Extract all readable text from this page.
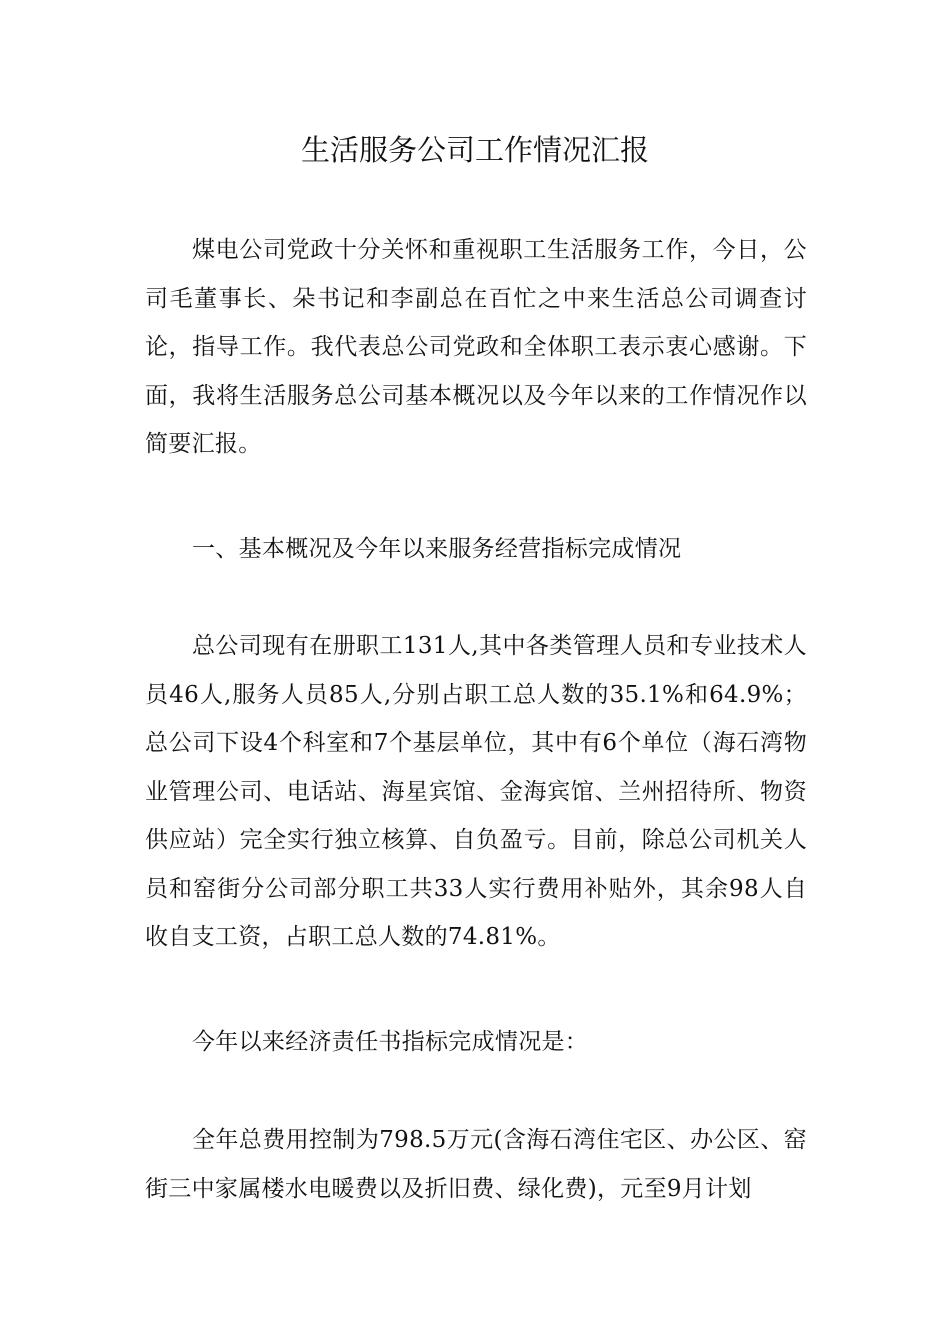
生活服务公司工作情况汇报

煤电公司党政十分关怀和重视职工生活服务工作，今日，公司毛董事长、朵书记和李副总在百忙之中来生活总公司调查讨论，指导工作。我代表总公司党政和全体职工表示衷心感谢。下面，我将生活服务总公司基本概况以及今年以来的工作情况作以简要汇报。

一、基本概况及今年以来服务经营指标完成情况

总公司现有在册职工131人,其中各类管理人员和专业技术人员46人,服务人员85人,分别占职工总人数的35.1%和64.9%；总公司下设4个科室和7个基层单位，其中有6个单位（海石湾物业管理公司、电话站、海星宾馆、金海宾馆、兰州招待所、物资供应站）完全实行独立核算、自负盈亏。目前，除总公司机关人员和窑街分公司部分职工共33人实行费用补贴外，其余98人自收自支工资，占职工总人数的74.81%。

今年以来经济责任书指标完成情况是：

全年总费用控制为798.5万元(含海石湾住宅区、办公区、窑街三中家属楼水电暖费以及折旧费、绿化费)，元至9月计划
